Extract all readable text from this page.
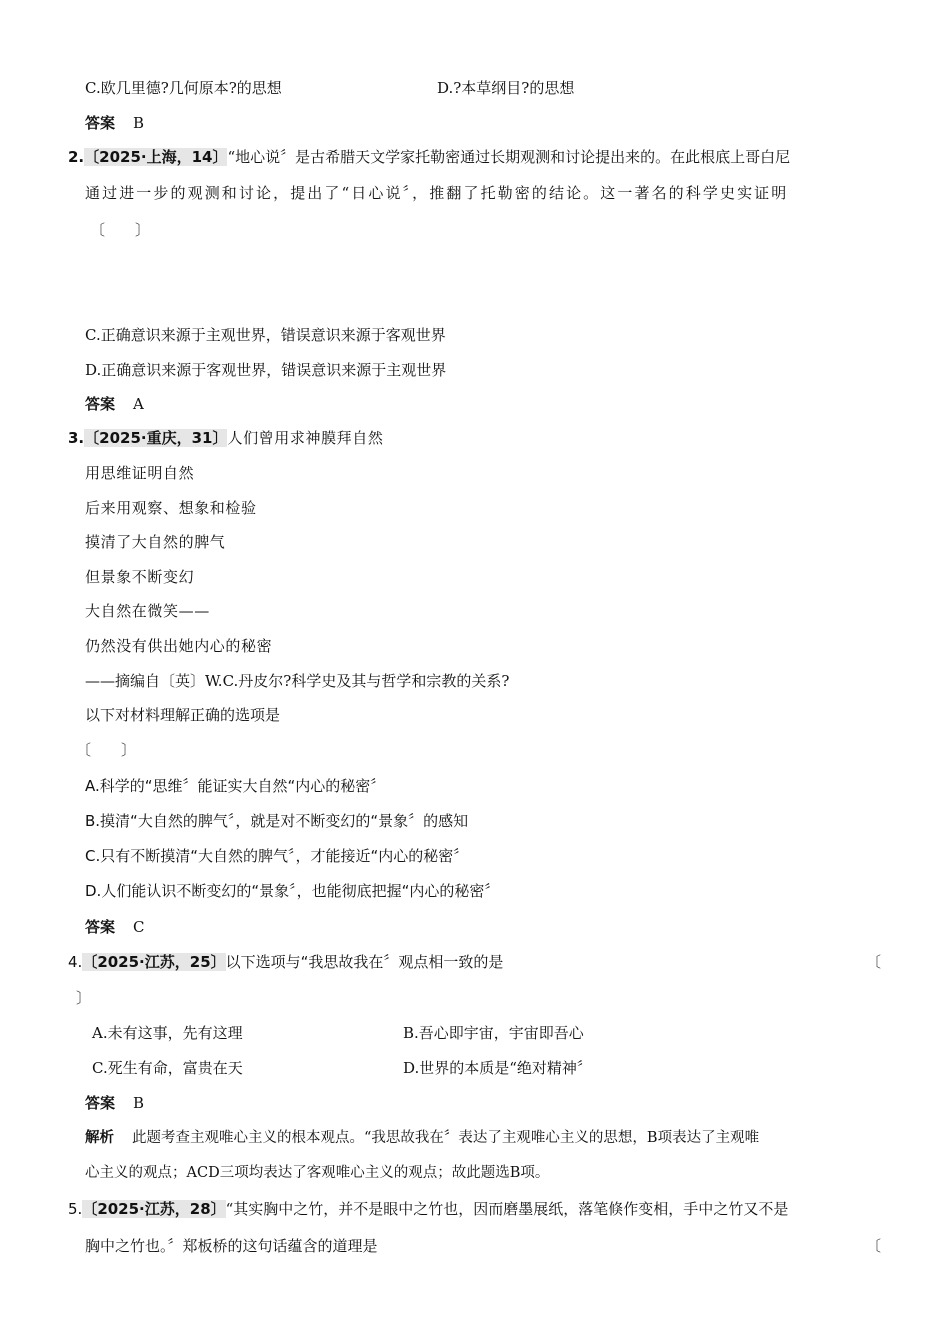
C.欧几里德?几何原本?的思想	D.?本草纲目?的思想
答案 B
2.〔2025·上海，14〕“地心说〞是古希腊天文学家托勒密通过长期观测和讨论提出来的。在此根底上哥白尼
通过进一步的观测和讨论，提出了“日心说〞，推翻了托勒密的结论。这一著名的科学史实证明
〔　　〕
C.正确意识来源于主观世界，错误意识来源于客观世界
D.正确意识来源于客观世界，错误意识来源于主观世界
答案 A
3.〔2025·重庆，31〕人们曾用求神膜拜自然
用思维证明自然
后来用观察、想象和检验
摸清了大自然的脾气
但景象不断变幻
大自然在微笑——
仍然没有供出她内心的秘密
——摘编自〔英〕W.C.丹皮尔?科学史及其与哲学和宗教的关系?
以下对材料理解正确的选项是
〔　　〕
A.科学的“思维〞能证实大自然“内心的秘密〞
B.摸清“大自然的脾气〞，就是对不断变幻的“景象〞的感知
C.只有不断摸清“大自然的脾气〞，才能接近“内心的秘密〞
D.人们能认识不断变幻的“景象〞，也能彻底把握“内心的秘密〞
答案 C
4.〔2025·江苏，25〕以下选项与“我思故我在〞观点相一致的是	〔
〕
A.未有这事，先有这理	B.吾心即宇宙，宇宙即吾心
C.死生有命，富贵在天	D.世界的本质是“绝对精神〞
答案 B
解析 此题考查主观唯心主义的根本观点。“我思故我在〞表达了主观唯心主义的思想，B项表达了主观唯
心主义的观点；ACD三项均表达了客观唯心主义的观点；故此题选B项。
5.〔2025·江苏，28〕“其实胸中之竹，并不是眼中之竹也，因而磨墨展纸，落笔倏作变相，手中之竹又不是
胸中之竹也。〞郑板桥的这句话蕴含的道理是	〔
